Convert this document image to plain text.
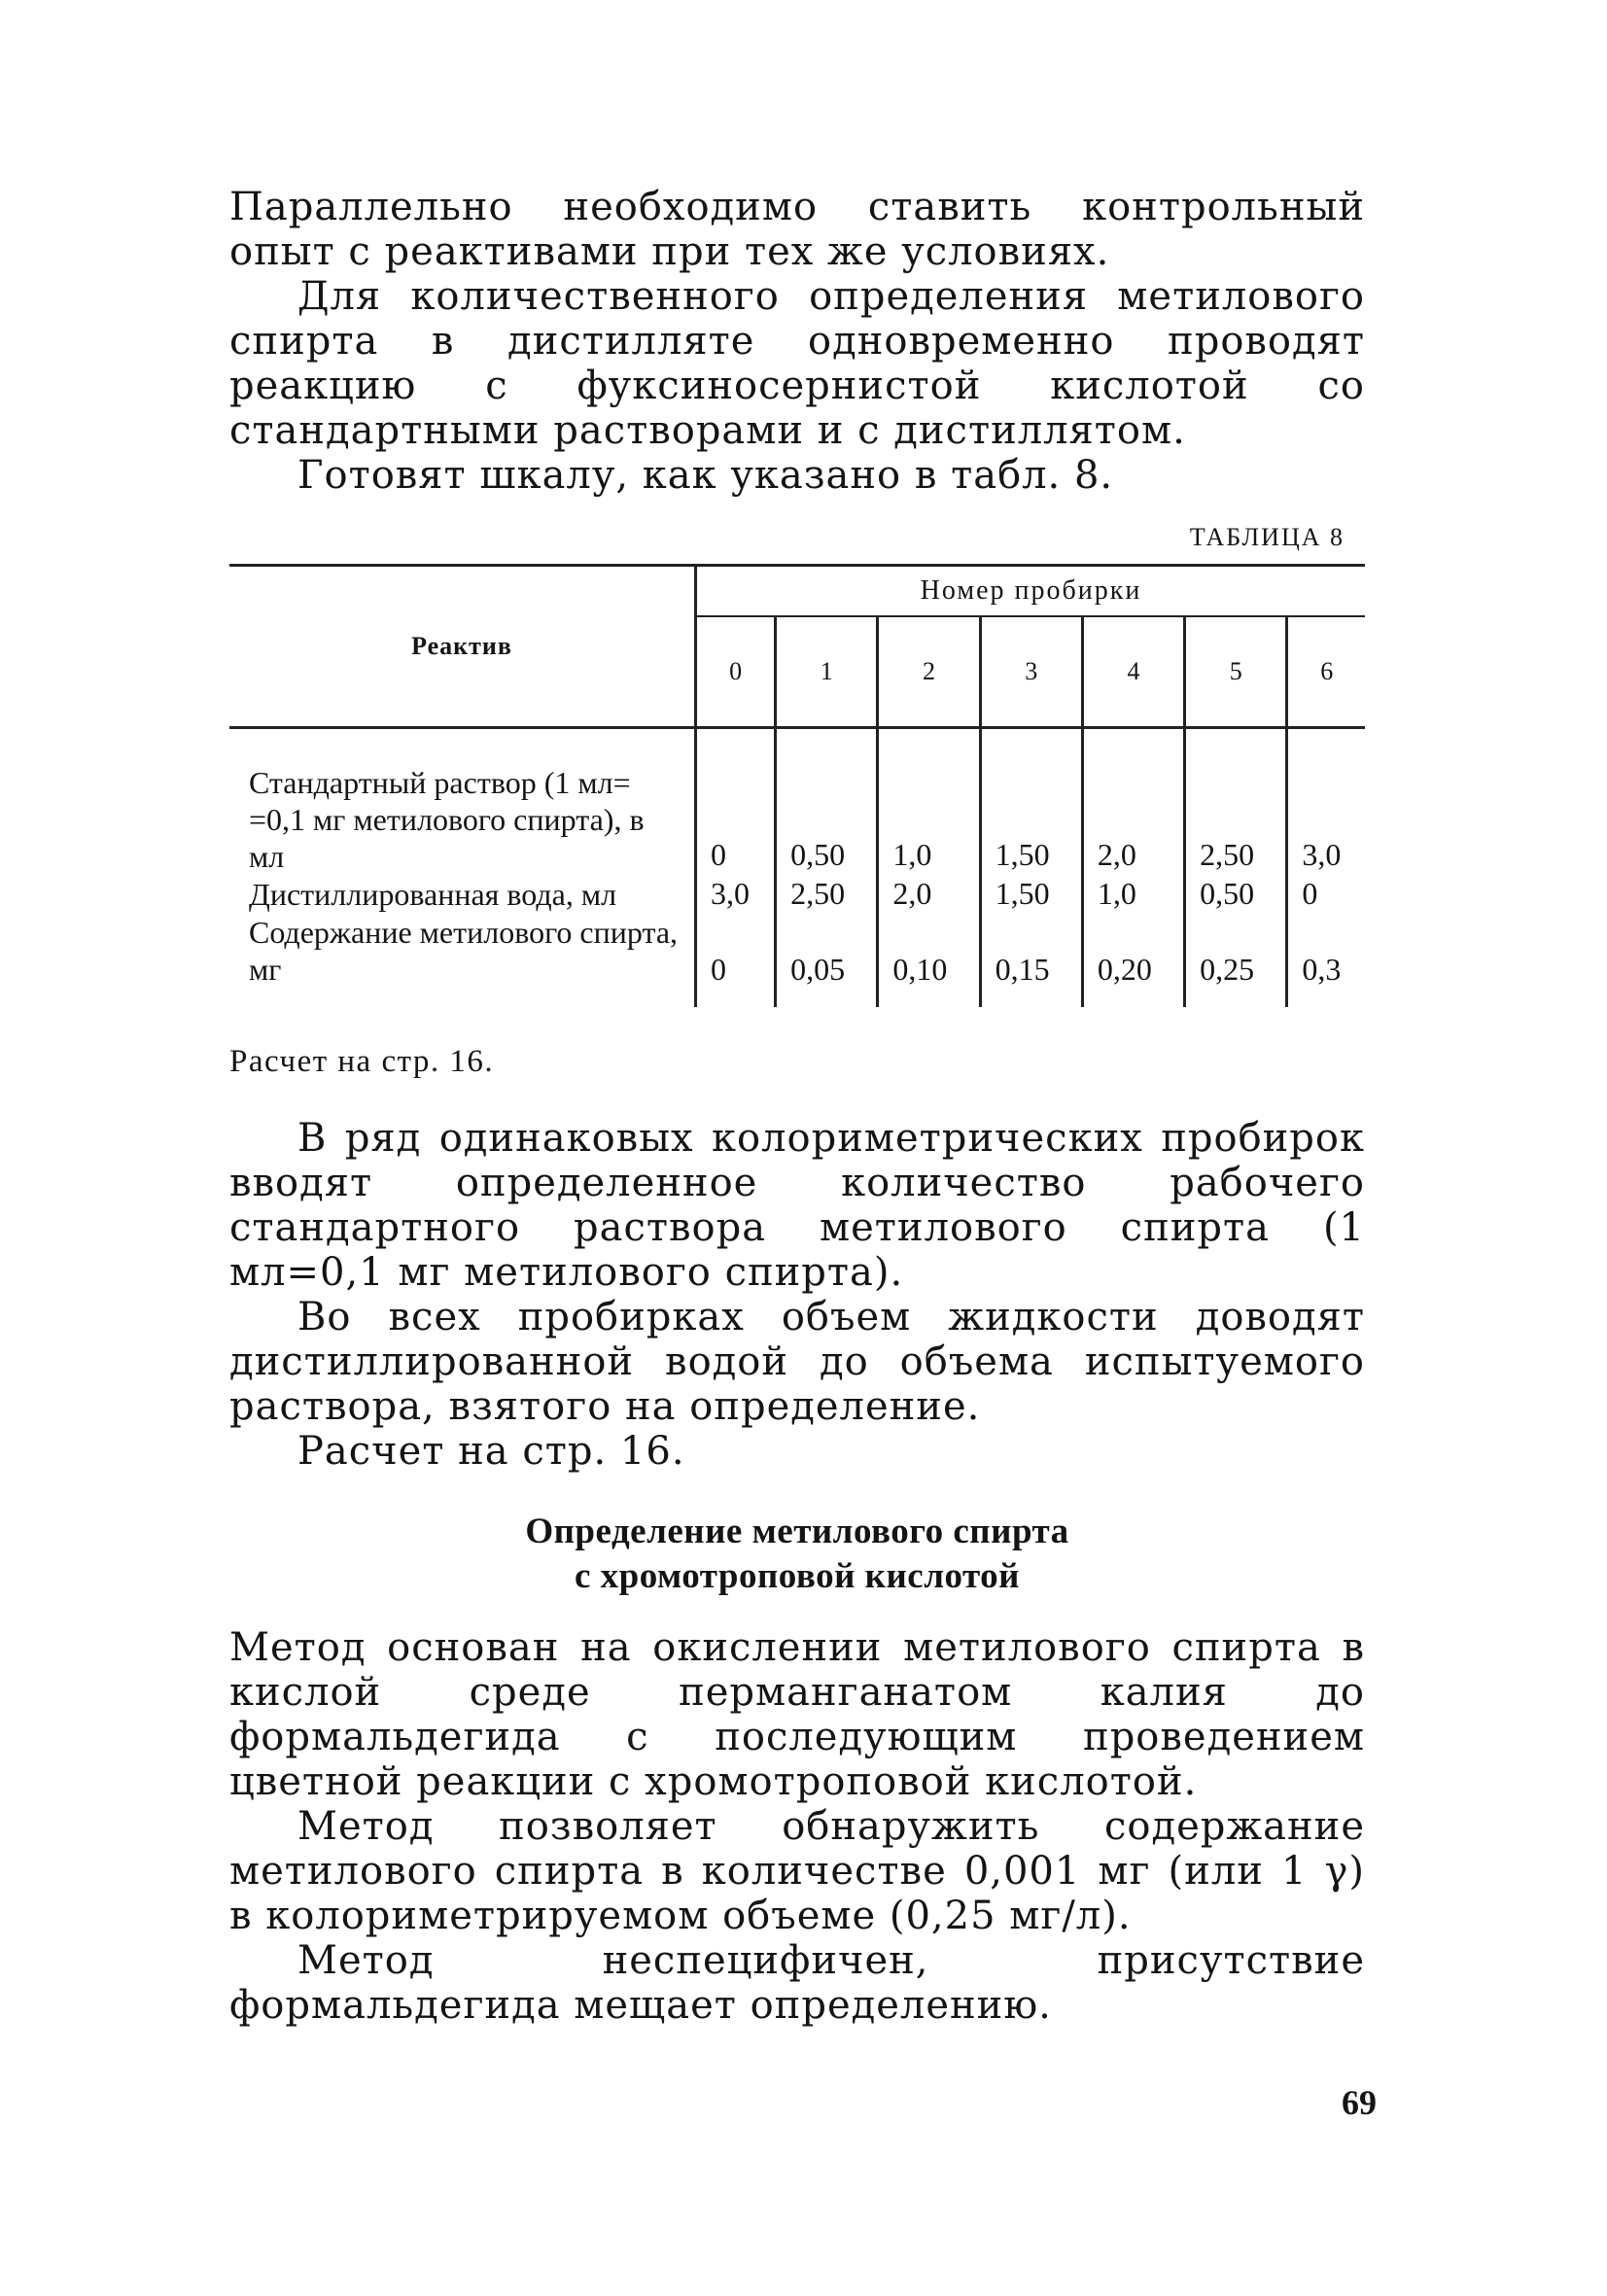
Параллельно необходимо ставить контрольный опыт с реактивами при тех же условиях.

Для количественного определения метилового спирта в дистилляте одновременно проводят реакцию с фуксиносернистой кислотой со стандартными растворами и с дистиллятом.

Готовят шкалу, как указано в табл. 8.

ТАБЛИЦА 8
Реактив	Номер пробирки						
	0	1	2	3	4	5	6
Стандартный раствор (1 мл= =0,1 мг метилового спирта), в мл	0	0,50	1,0	1,50	2,0	2,50	3,0
Дистиллированная вода, мл	3,0	2,50	2,0	1,50	1,0	0,50	0
Содержание метилового спирта, мг	0	0,05	0,10	0,15	0,20	0,25	0,3
Расчет на стр. 16.

В ряд одинаковых колориметрических пробирок вводят определенное количество рабочего стандартного раствора метилового спирта (1 мл=0,1 мг метилового спирта).

Во всех пробирках объем жидкости доводят дистиллированной водой до объема испытуемого раствора, взятого на определение.

Расчет на стр. 16.

Определение метилового спирта
с хромотроповой кислотой

Метод основан на окислении метилового спирта в кислой среде перманганатом калия до формальдегида с последующим проведением цветной реакции с хромотроповой кислотой.

Метод позволяет обнаружить содержание метилового спирта в количестве 0,001 мг (или 1 γ) в колориметрируемом объеме (0,25 мг/л).

Метод неспецифичен, присутствие формальдегида мещает определению.

69
